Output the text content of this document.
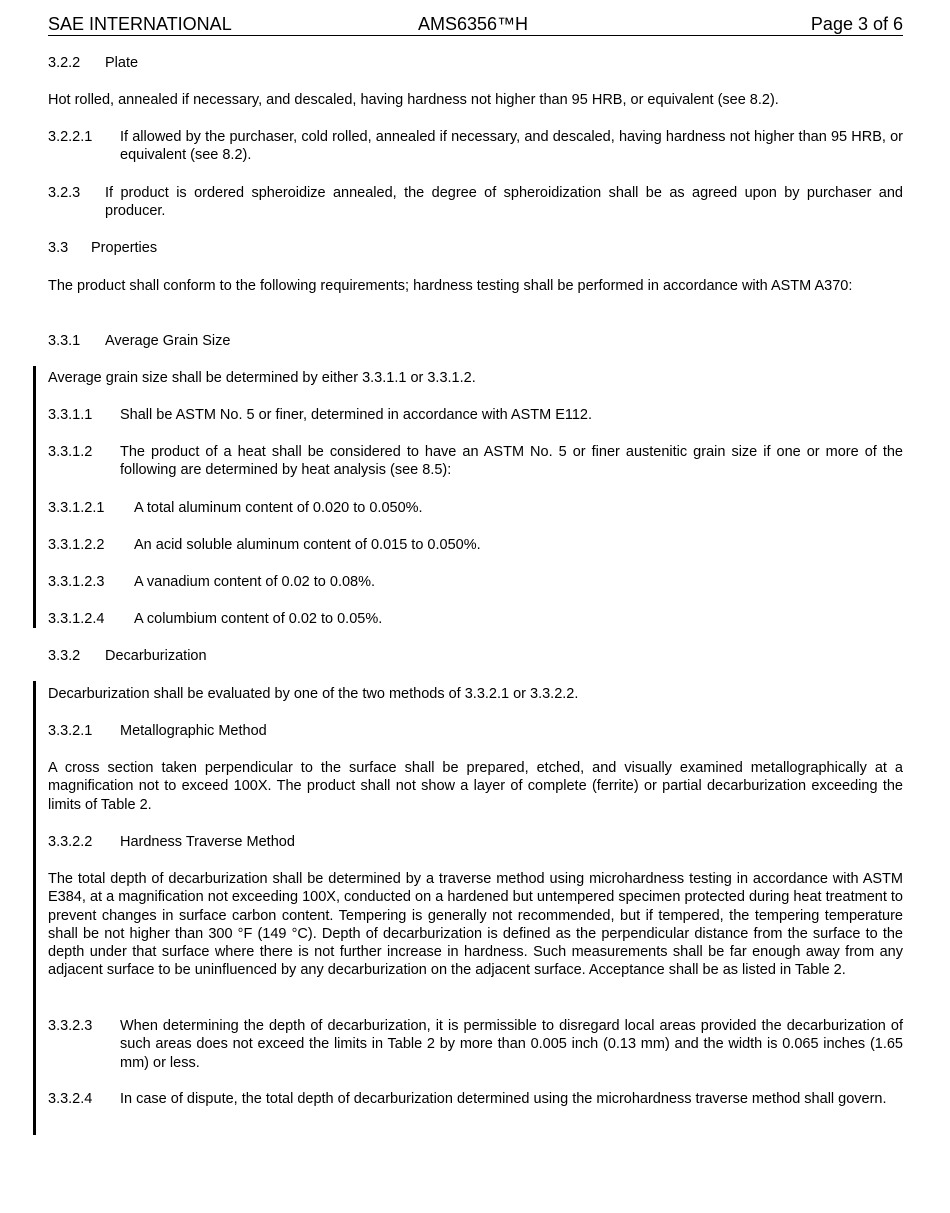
SAE INTERNATIONAL	AMS6356™H	Page 3 of 6
3.2.2 Plate
Hot rolled, annealed if necessary, and descaled, having hardness not higher than 95 HRB, or equivalent (see 8.2).
3.2.2.1 If allowed by the purchaser, cold rolled, annealed if necessary, and descaled, having hardness not higher than 95 HRB, or equivalent (see 8.2).
3.2.3 If product is ordered spheroidize annealed, the degree of spheroidization shall be as agreed upon by purchaser and producer.
3.3 Properties
The product shall conform to the following requirements; hardness testing shall be performed in accordance with ASTM A370:
3.3.1 Average Grain Size
Average grain size shall be determined by either 3.3.1.1 or 3.3.1.2.
3.3.1.1 Shall be ASTM No. 5 or finer, determined in accordance with ASTM E112.
3.3.1.2 The product of a heat shall be considered to have an ASTM No. 5 or finer austenitic grain size if one or more of the following are determined by heat analysis (see 8.5):
3.3.1.2.1 A total aluminum content of 0.020 to 0.050%.
3.3.1.2.2 An acid soluble aluminum content of 0.015 to 0.050%.
3.3.1.2.3 A vanadium content of 0.02 to 0.08%.
3.3.1.2.4 A columbium content of 0.02 to 0.05%.
3.3.2 Decarburization
Decarburization shall be evaluated by one of the two methods of 3.3.2.1 or 3.3.2.2.
3.3.2.1 Metallographic Method
A cross section taken perpendicular to the surface shall be prepared, etched, and visually examined metallographically at a magnification not to exceed 100X. The product shall not show a layer of complete (ferrite) or partial decarburization exceeding the limits of Table 2.
3.3.2.2 Hardness Traverse Method
The total depth of decarburization shall be determined by a traverse method using microhardness testing in accordance with ASTM E384, at a magnification not exceeding 100X, conducted on a hardened but untempered specimen protected during heat treatment to prevent changes in surface carbon content. Tempering is generally not recommended, but if tempered, the tempering temperature shall be not higher than 300 °F (149 °C). Depth of decarburization is defined as the perpendicular distance from the surface to the depth under that surface where there is not further increase in hardness. Such measurements shall be far enough away from any adjacent surface to be uninfluenced by any decarburization on the adjacent surface. Acceptance shall be as listed in Table 2.
3.3.2.3 When determining the depth of decarburization, it is permissible to disregard local areas provided the decarburization of such areas does not exceed the limits in Table 2 by more than 0.005 inch (0.13 mm) and the width is 0.065 inches (1.65 mm) or less.
3.3.2.4 In case of dispute, the total depth of decarburization determined using the microhardness traverse method shall govern.
